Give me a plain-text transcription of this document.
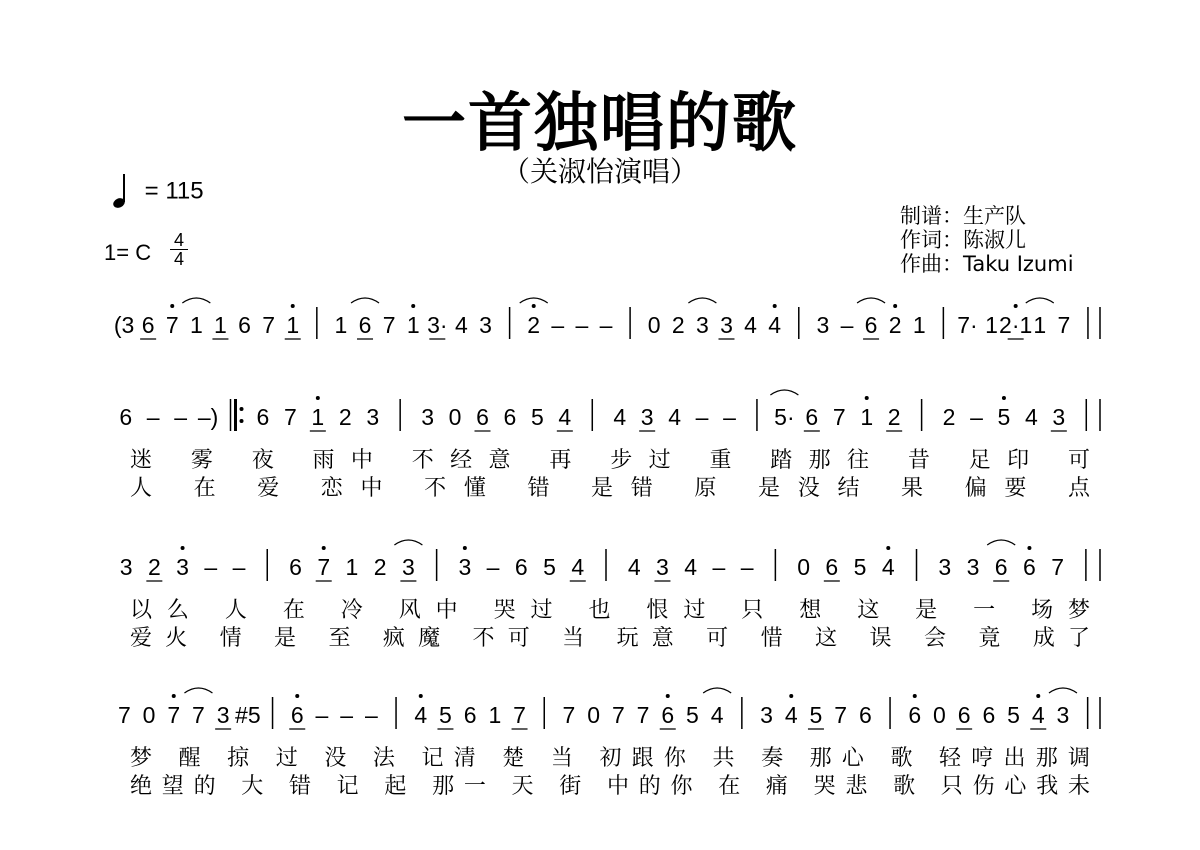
一首独唱的歌
（关淑怡演唱）
= 115
1= C 4
4
制谱：生产队
作词：陈淑儿
作曲：Taku Izumi
(3 6 7 1 1 6 7 1 1 6 7 1 3· 4 3 2 – – – 0 2 3 3 4 4 3 – 6 2 1 7· 1 2·1 1 7
6 – – –) 6 7 1 2 3 3 0 6 6 5 4 4 3 4 – – 5· 6 7 1 2 2 – 5 4 3
迷 雾 夜 雨中 不经意 再 步过 重 踏那往 昔 足印 可
人 在 爱 恋中 不懂 错 是错 原 是没结 果 偏要 点
3 2 3 – – 6 7 1 2 3 3 – 6 5 4 4 3 4 – – 0 6 5 4 3 3 6 6 7
以么 人 在 冷 风中 哭过 也 恨过 只 想 这 是 一 场梦
爱火 情 是 至 疯魔 不可 当 玩意 可 惜 这 误 会 竟 成了
7 0 7 7 3 #5 6 – – – 4 5 6 1 7 7 0 7 7 6 5 4 3 4 5 7 6 6 0 6 6 5 4 3
梦 醒 掠 过 没 法 记清 楚 当 初跟你 共 奏 那心 歌 轻哼出那调
绝望的 大 错 记 起 那一 天 街 中的你 在 痛 哭悲 歌 只伤心我未
